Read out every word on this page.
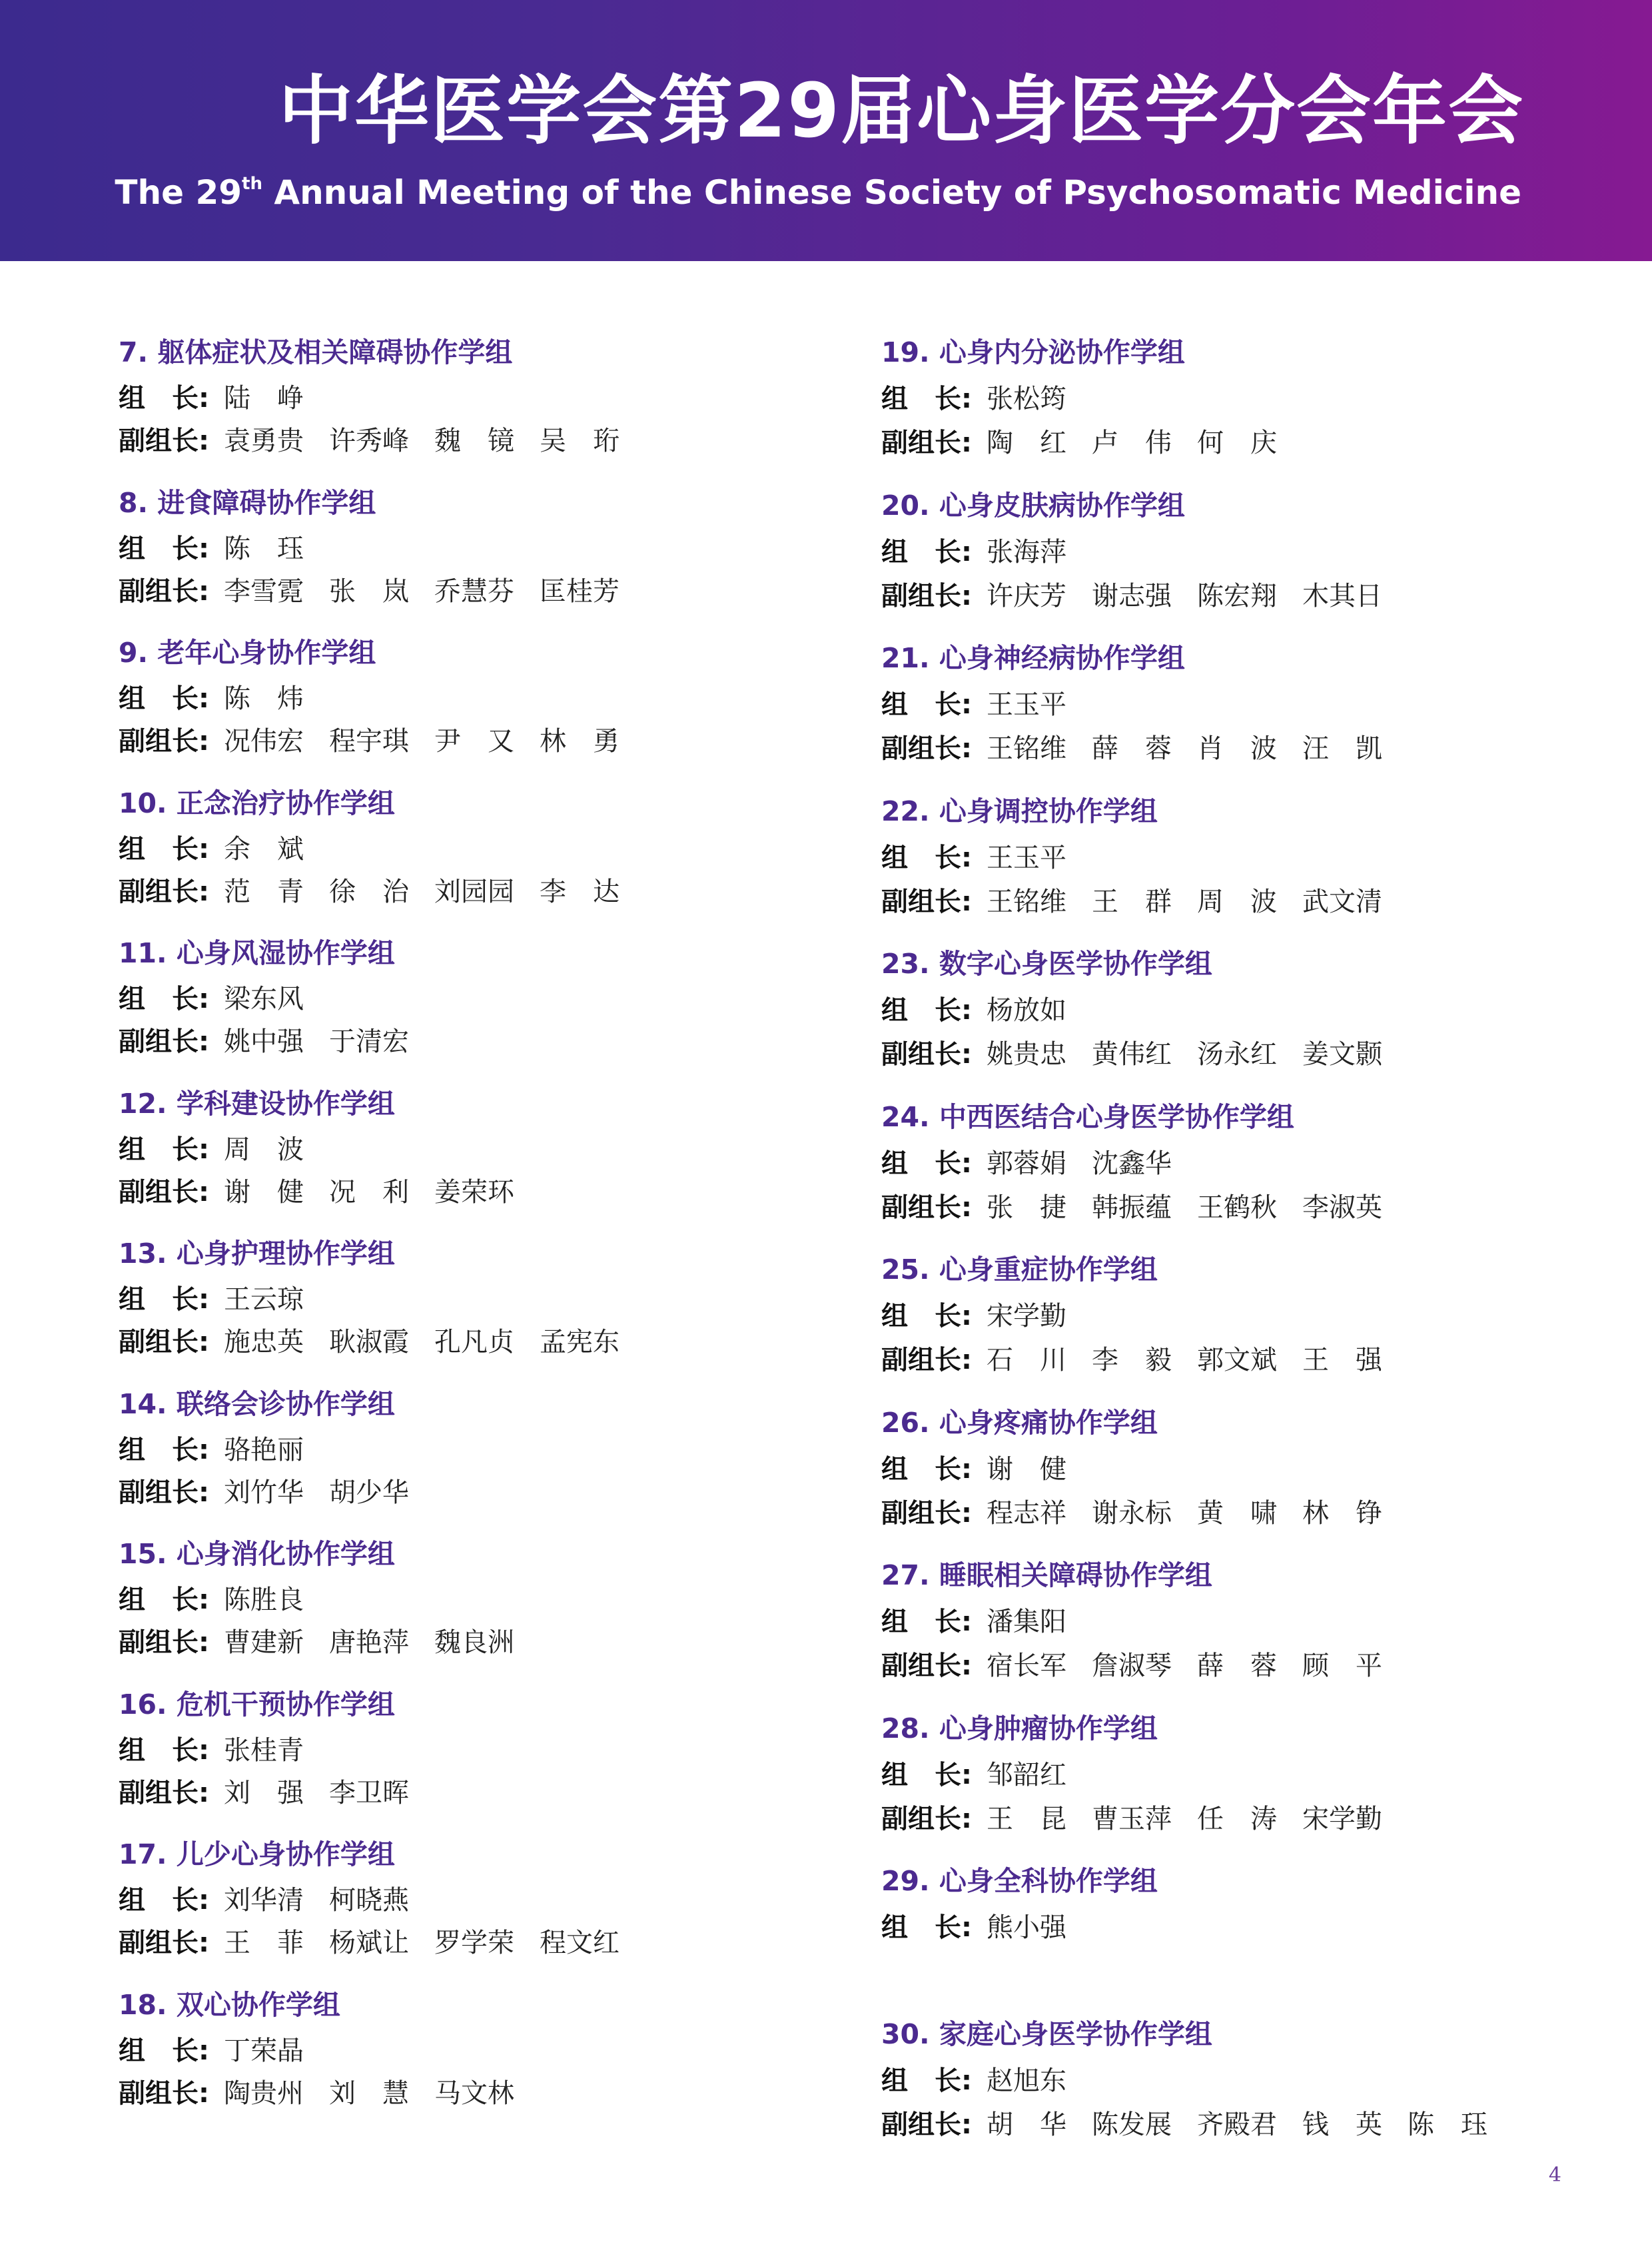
中华医学会第29届心身医学分会年会
The 29th Annual Meeting of the Chinese Society of Psychosomatic Medicine
7. 躯体症状及相关障碍协作学组
组 长: 陆　峥
副组长: 袁勇贵 许秀峰 魏　镜 吴　珩
8. 进食障碍协作学组
组 长: 陈　珏
副组长: 李雪霓 张　岚 乔慧芬 匡桂芳
9. 老年心身协作学组
组 长: 陈　炜
副组长: 况伟宏 程宇琪 尹　又 林　勇
10. 正念治疗协作学组
组 长: 余　斌
副组长: 范　青 徐　治 刘园园 李　达
11. 心身风湿协作学组
组 长: 梁东风
副组长: 姚中强 于清宏
12. 学科建设协作学组
组 长: 周　波
副组长: 谢　健 况　利 姜荣环
13. 心身护理协作学组
组 长: 王云琼
副组长: 施忠英 耿淑霞 孔凡贞 孟宪东
14. 联络会诊协作学组
组 长: 骆艳丽
副组长: 刘竹华 胡少华
15. 心身消化协作学组
组 长: 陈胜良
副组长: 曹建新 唐艳萍 魏良洲
16. 危机干预协作学组
组 长: 张桂青
副组长: 刘　强 李卫晖
17. 儿少心身协作学组
组 长: 刘华清 柯晓燕
副组长: 王　菲 杨斌让 罗学荣 程文红
18. 双心协作学组
组 长: 丁荣晶
副组长: 陶贵州 刘　慧 马文林
19. 心身内分泌协作学组
组 长: 张松筠
副组长: 陶　红 卢　伟 何　庆
20. 心身皮肤病协作学组
组 长: 张海萍
副组长: 许庆芳 谢志强 陈宏翔 木其日
21. 心身神经病协作学组
组 长: 王玉平
副组长: 王铭维 薛　蓉 肖　波 汪　凯
22. 心身调控协作学组
组 长: 王玉平
副组长: 王铭维 王　群 周　波 武文清
23. 数字心身医学协作学组
组 长: 杨放如
副组长: 姚贵忠 黄伟红 汤永红 姜文颢
24. 中西医结合心身医学协作学组
组 长: 郭蓉娟 沈鑫华
副组长: 张　捷 韩振蕴 王鹤秋 李淑英
25. 心身重症协作学组
组 长: 宋学勤
副组长: 石　川 李　毅 郭文斌 王　强
26. 心身疼痛协作学组
组 长: 谢　健
副组长: 程志祥 谢永标 黄　啸 林　铮
27. 睡眠相关障碍协作学组
组 长: 潘集阳
副组长: 宿长军 詹淑琴 薛　蓉 顾　平
28. 心身肿瘤协作学组
组 长: 邹韶红
副组长: 王　昆 曹玉萍 任　涛 宋学勤
29. 心身全科协作学组
组 长: 熊小强
30. 家庭心身医学协作学组
组 长: 赵旭东
副组长: 胡　华 陈发展 齐殿君 钱　英 陈　珏
4
